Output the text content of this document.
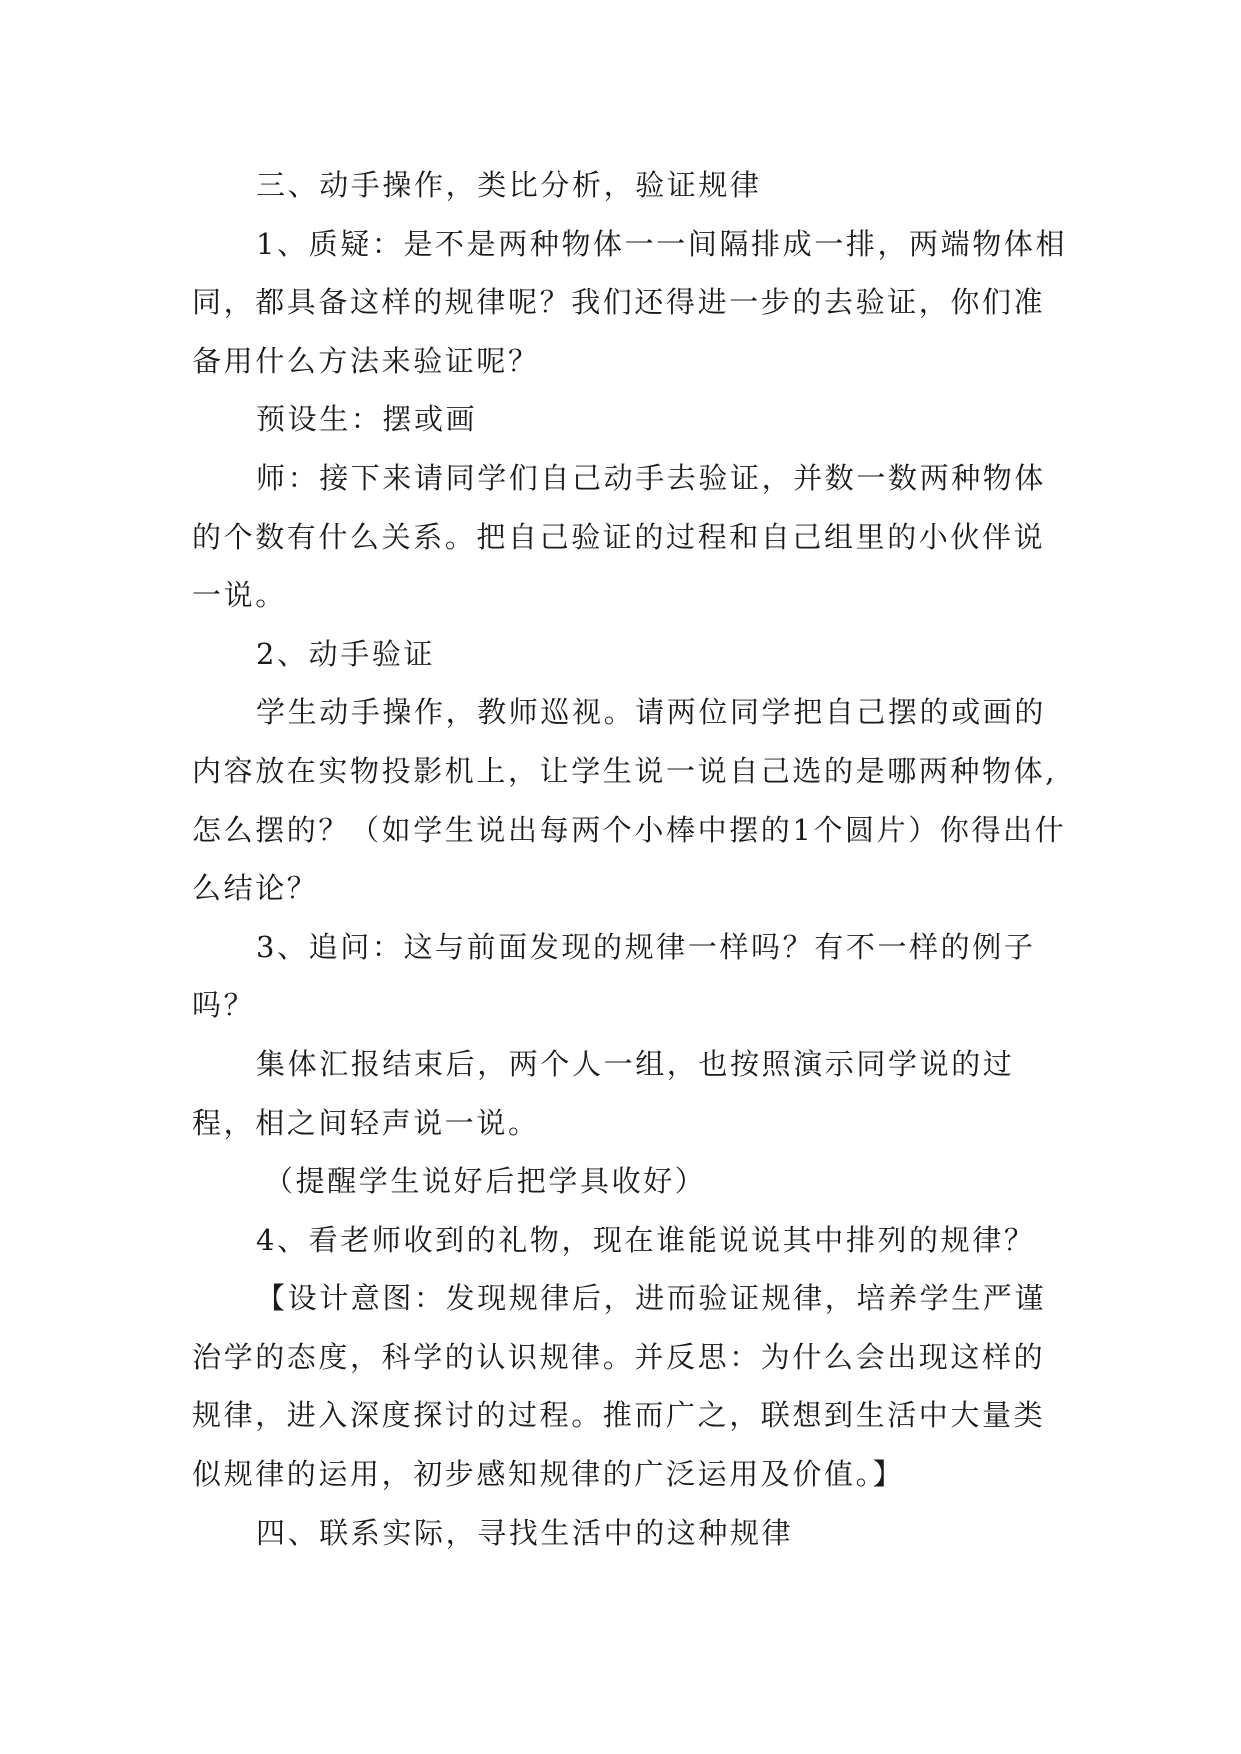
三、动手操作，类比分析，验证规律

1、质疑：是不是两种物体一一间隔排成一排，两端物体相同，都具备这样的规律呢？我们还得进一步的去验证，你们准备用什么方法来验证呢？

预设生：摆或画

师：接下来请同学们自己动手去验证，并数一数两种物体的个数有什么关系。把自己验证的过程和自己组里的小伙伴说一说。

2、动手验证

学生动手操作，教师巡视。请两位同学把自己摆的或画的内容放在实物投影机上，让学生说一说自己选的是哪两种物体,怎么摆的？（如学生说出每两个小棒中摆的1个圆片）你得出什么结论？

3、追问：这与前面发现的规律一样吗？有不一样的例子吗？

集体汇报结束后，两个人一组，也按照演示同学说的过程，相之间轻声说一说。

（提醒学生说好后把学具收好）

4、看老师收到的礼物，现在谁能说说其中排列的规律？

【设计意图：发现规律后，进而验证规律，培养学生严谨治学的态度，科学的认识规律。并反思：为什么会出现这样的规律，进入深度探讨的过程。推而广之，联想到生活中大量类似规律的运用，初步感知规律的广泛运用及价值。】

四、联系实际，寻找生活中的这种规律
